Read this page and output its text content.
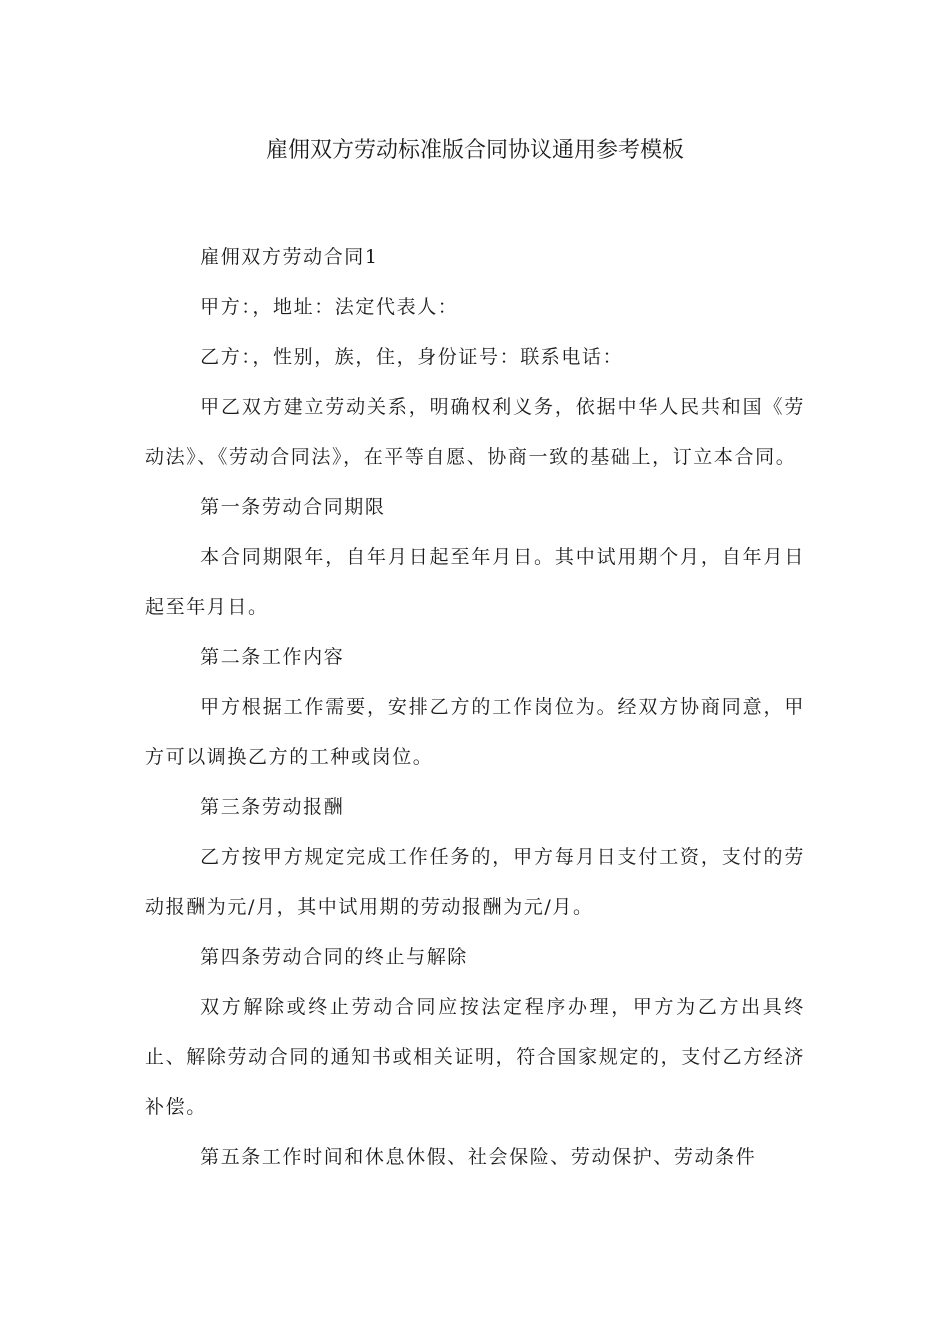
雇佣双方劳动标准版合同协议通用参考模板

雇佣双方劳动合同1

甲方：，地址：法定代表人：

乙方：，性别，族，住，身份证号：联系电话：

甲乙双方建立劳动关系，明确权利义务，依据中华人民共和国《劳动法》、《劳动合同法》，在平等自愿、协商一致的基础上，订立本合同。

第一条劳动合同期限

本合同期限年，自年月日起至年月日。其中试用期个月，自年月日起至年月日。

第二条工作内容

甲方根据工作需要，安排乙方的工作岗位为。经双方协商同意，甲方可以调换乙方的工种或岗位。

第三条劳动报酬

乙方按甲方规定完成工作任务的，甲方每月日支付工资，支付的劳动报酬为元/月，其中试用期的劳动报酬为元/月。

第四条劳动合同的终止与解除

双方解除或终止劳动合同应按法定程序办理，甲方为乙方出具终止、解除劳动合同的通知书或相关证明，符合国家规定的，支付乙方经济补偿。

第五条工作时间和休息休假、社会保险、劳动保护、劳动条件
